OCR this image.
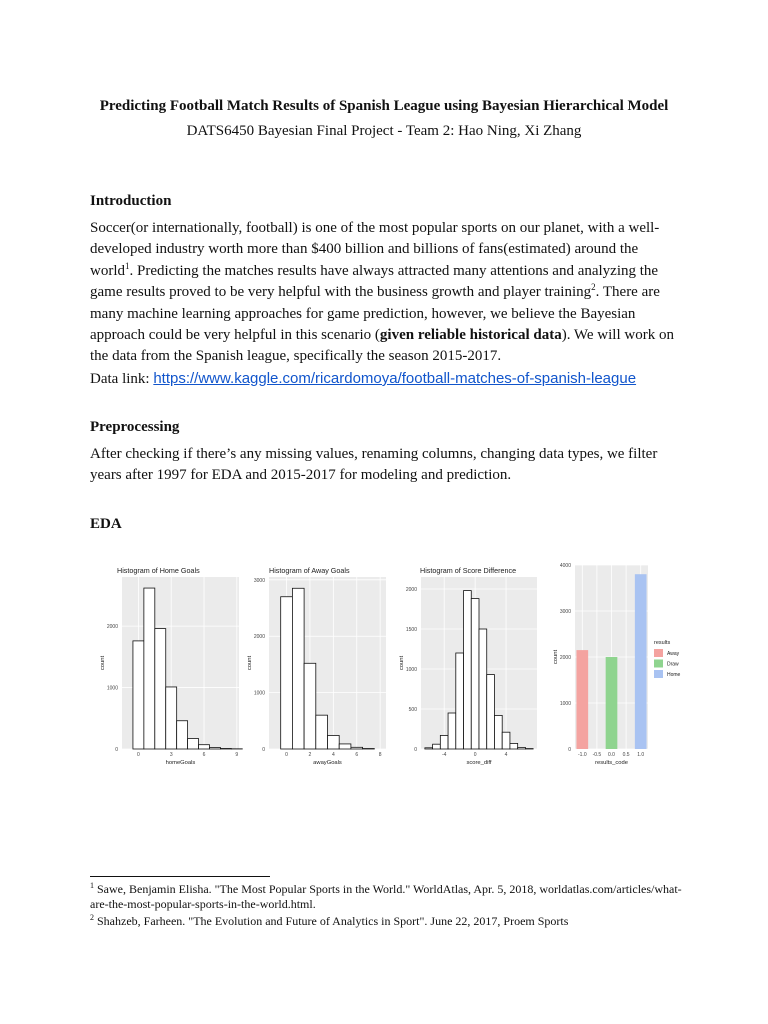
Predicting Football Match Results of Spanish League using Bayesian Hierarchical Model
DATS6450 Bayesian Final Project - Team 2: Hao Ning, Xi Zhang
Introduction

Soccer(or internationally, football) is one of the most popular sports on our planet, with a well-developed industry worth more than $400 billion and billions of fans(estimated) around the world$^1$. Predicting the matches results have always attracted many attentions and analyzing the game results proved to be very helpful with the business growth and player training$^2$. There are many machine learning approaches for game prediction, however, we believe the Bayesian approach could be very helpful in this scenario (given reliable historical data). We will work on the data from the Spanish league, specifically the season 2015-2017.
Data link: https://www.kaggle.com/ricardomoya/football-matches-of-spanish-league

Preprocessing

After checking if there’s any missing values, renaming columns, changing data types, we filter years after 1997 for EDA and 2015-2017 for modeling and prediction.

EDA
0
1000
2000
0	3	6	9
Histogram of Home Goals
homeGoals
count
0
1000
2000
3000
0	2	4	6	8
Histogram of Away Goals
awayGoals
count
0
500
1000
1500
2000
-4	0	4
Histogram of Score Difference
score_diff
count
0
1000
2000
3000
4000
-1.0 -0.5 0.0 0.5 1.0
results
Away
Draw
Home
results_code
count

$^1$ Sawe, Benjamin Elisha. "The Most Popular Sports in the World." WorldAtlas, Apr. 5, 2018, worldatlas.com/articles/what-are-the-most-popular-sports-in-the-world.html.

$^2$ Shahzeb, Farheen. "The Evolution and Future of Analytics in Sport". June 22, 2017, Proem Sports
